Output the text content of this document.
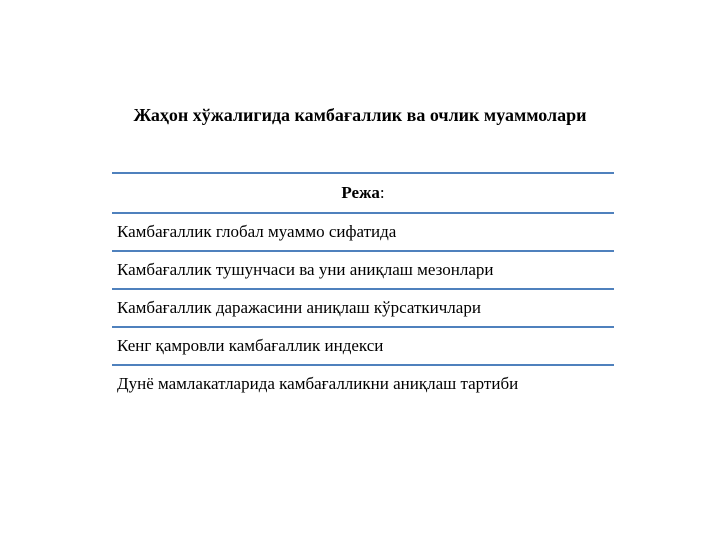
Жаҳон хўжалигида камбағаллик ва очлик муаммолари
Режа :
Камбағаллик глобал муаммо сифатида
Камбағаллик тушунчаси ва уни аниқлаш мезонлари
Камбағаллик даражасини аниқлаш кўрсаткичлари
Кенг қамровли камбағаллик индекси
Дунё мамлакатларида камбағалликни аниқлаш тартиби
